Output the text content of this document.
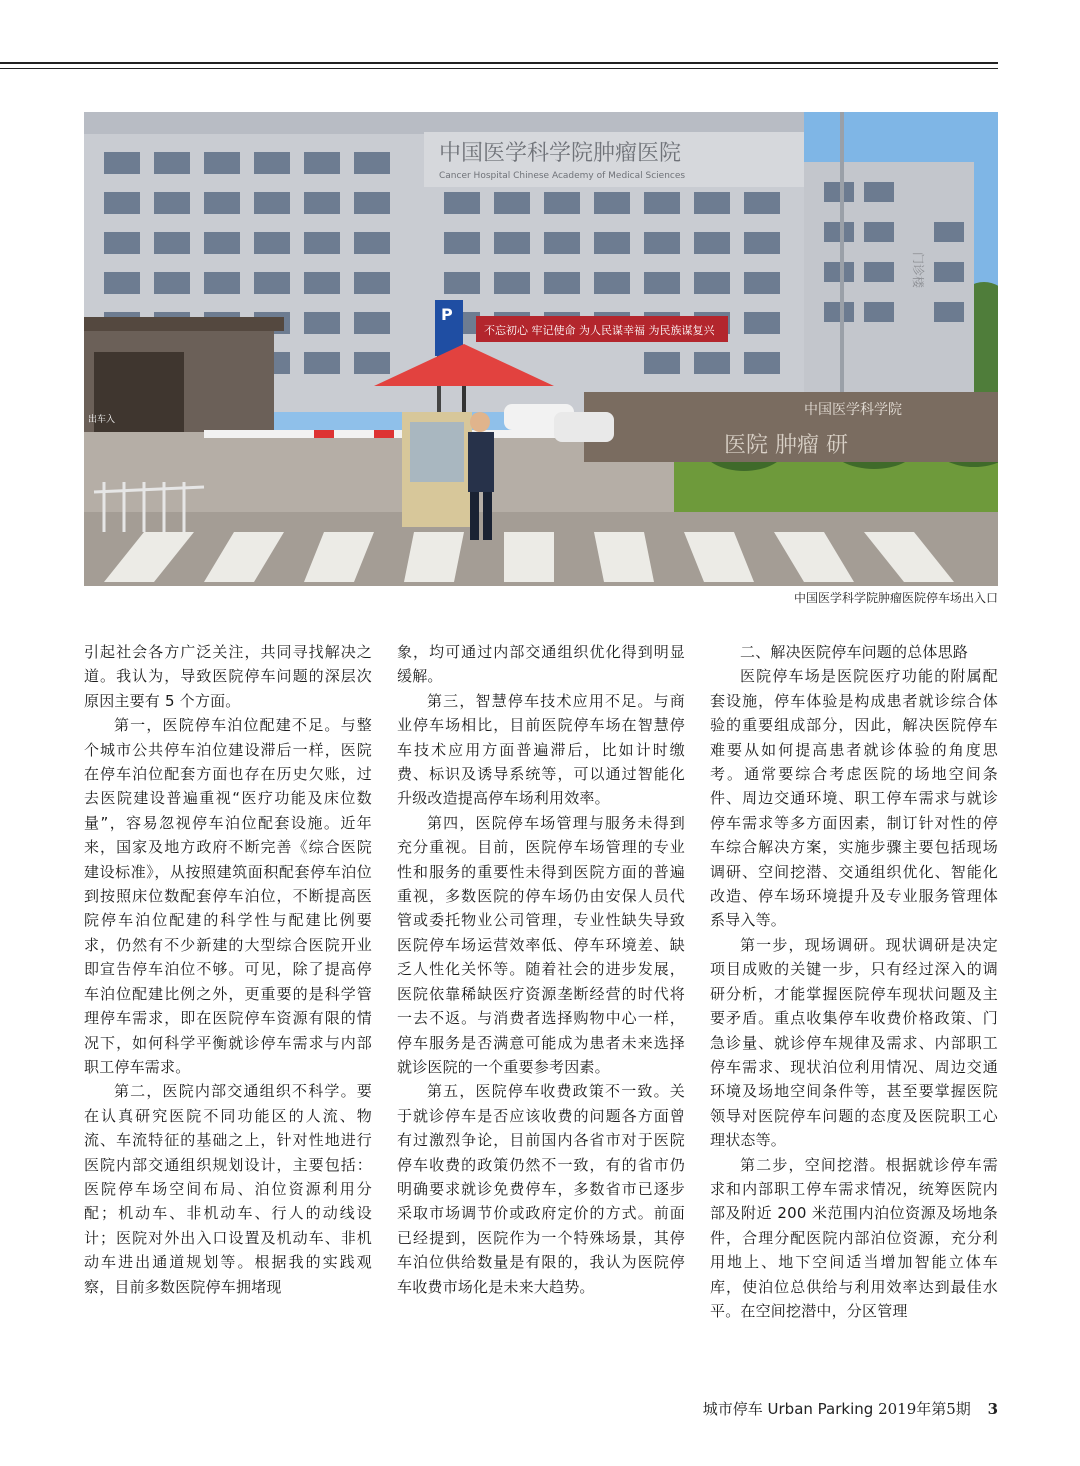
中国医学科学院肿瘤医院
Cancer Hospital Chinese Academy of Medical Sciences
不忘初心 牢记使命 为人民谋幸福 为民族谋复兴
中国医学科学院
医院 肿瘤 研
P
门诊楼
出车入
中国医学科学院肿瘤医院停车场出入口

引起社会各方广泛关注，共同寻找解决之道。我认为，导致医院停车问题的深层次原因主要有 5 个方面。

第一，医院停车泊位配建不足。与整个城市公共停车泊位建设滞后一样，医院在停车泊位配套方面也存在历史欠账，过去医院建设普遍重视“医疗功能及床位数量”，容易忽视停车泊位配套设施。近年来，国家及地方政府不断完善《综合医院建设标准》，从按照建筑面积配套停车泊位到按照床位数配套停车泊位，不断提高医院停车泊位配建的科学性与配建比例要求，仍然有不少新建的大型综合医院开业即宣告停车泊位不够。可见，除了提高停车泊位配建比例之外，更重要的是科学管理停车需求，即在医院停车资源有限的情况下，如何科学平衡就诊停车需求与内部职工停车需求。

第二，医院内部交通组织不科学。要在认真研究医院不同功能区的人流、物流、车流特征的基础之上，针对性地进行医院内部交通组织规划设计，主要包括：医院停车场空间布局、泊位资源利用分配；机动车、非机动车、行人的动线设计；医院对外出入口设置及机动车、非机动车进出通道规划等。根据我的实践观察，目前多数医院停车拥堵现

象，均可通过内部交通组织优化得到明显缓解。

第三，智慧停车技术应用不足。与商业停车场相比，目前医院停车场在智慧停车技术应用方面普遍滞后，比如计时缴费、标识及诱导系统等，可以通过智能化升级改造提高停车场利用效率。

第四，医院停车场管理与服务未得到充分重视。目前，医院停车场管理的专业性和服务的重要性未得到医院方面的普遍重视，多数医院的停车场仍由安保人员代管或委托物业公司管理，专业性缺失导致医院停车场运营效率低、停车环境差、缺乏人性化关怀等。随着社会的进步发展，医院依靠稀缺医疗资源垄断经营的时代将一去不返。与消费者选择购物中心一样，停车服务是否满意可能成为患者未来选择就诊医院的一个重要参考因素。

第五，医院停车收费政策不一致。关于就诊停车是否应该收费的问题各方面曾有过激烈争论，目前国内各省市对于医院停车收费的政策仍然不一致，有的省市仍明确要求就诊免费停车，多数省市已逐步采取市场调节价或政府定价的方式。前面已经提到，医院作为一个特殊场景，其停车泊位供给数量是有限的，我认为医院停车收费市场化是未来大趋势。

二、解决医院停车问题的总体思路

医院停车场是医院医疗功能的附属配套设施，停车体验是构成患者就诊综合体验的重要组成部分，因此，解决医院停车难要从如何提高患者就诊体验的角度思考。通常要综合考虑医院的场地空间条件、周边交通环境、职工停车需求与就诊停车需求等多方面因素，制订针对性的停车综合解决方案，实施步骤主要包括现场调研、空间挖潜、交通组织优化、智能化改造、停车场环境提升及专业服务管理体系导入等。

第一步，现场调研。现状调研是决定项目成败的关键一步，只有经过深入的调研分析，才能掌握医院停车现状问题及主要矛盾。重点收集停车收费价格政策、门急诊量、就诊停车规律及需求、内部职工停车需求、现状泊位利用情况、周边交通环境及场地空间条件等，甚至要掌握医院领导对医院停车问题的态度及医院职工心理状态等。

第二步，空间挖潜。根据就诊停车需求和内部职工停车需求情况，统筹医院内部及附近 200 米范围内泊位资源及场地条件，合理分配医院内部泊位资源，充分利用地上、地下空间适当增加智能立体车库，使泊位总供给与利用效率达到最佳水平。在空间挖潜中，分区管理

城市停车 Urban Parking 2019年第5期 3
